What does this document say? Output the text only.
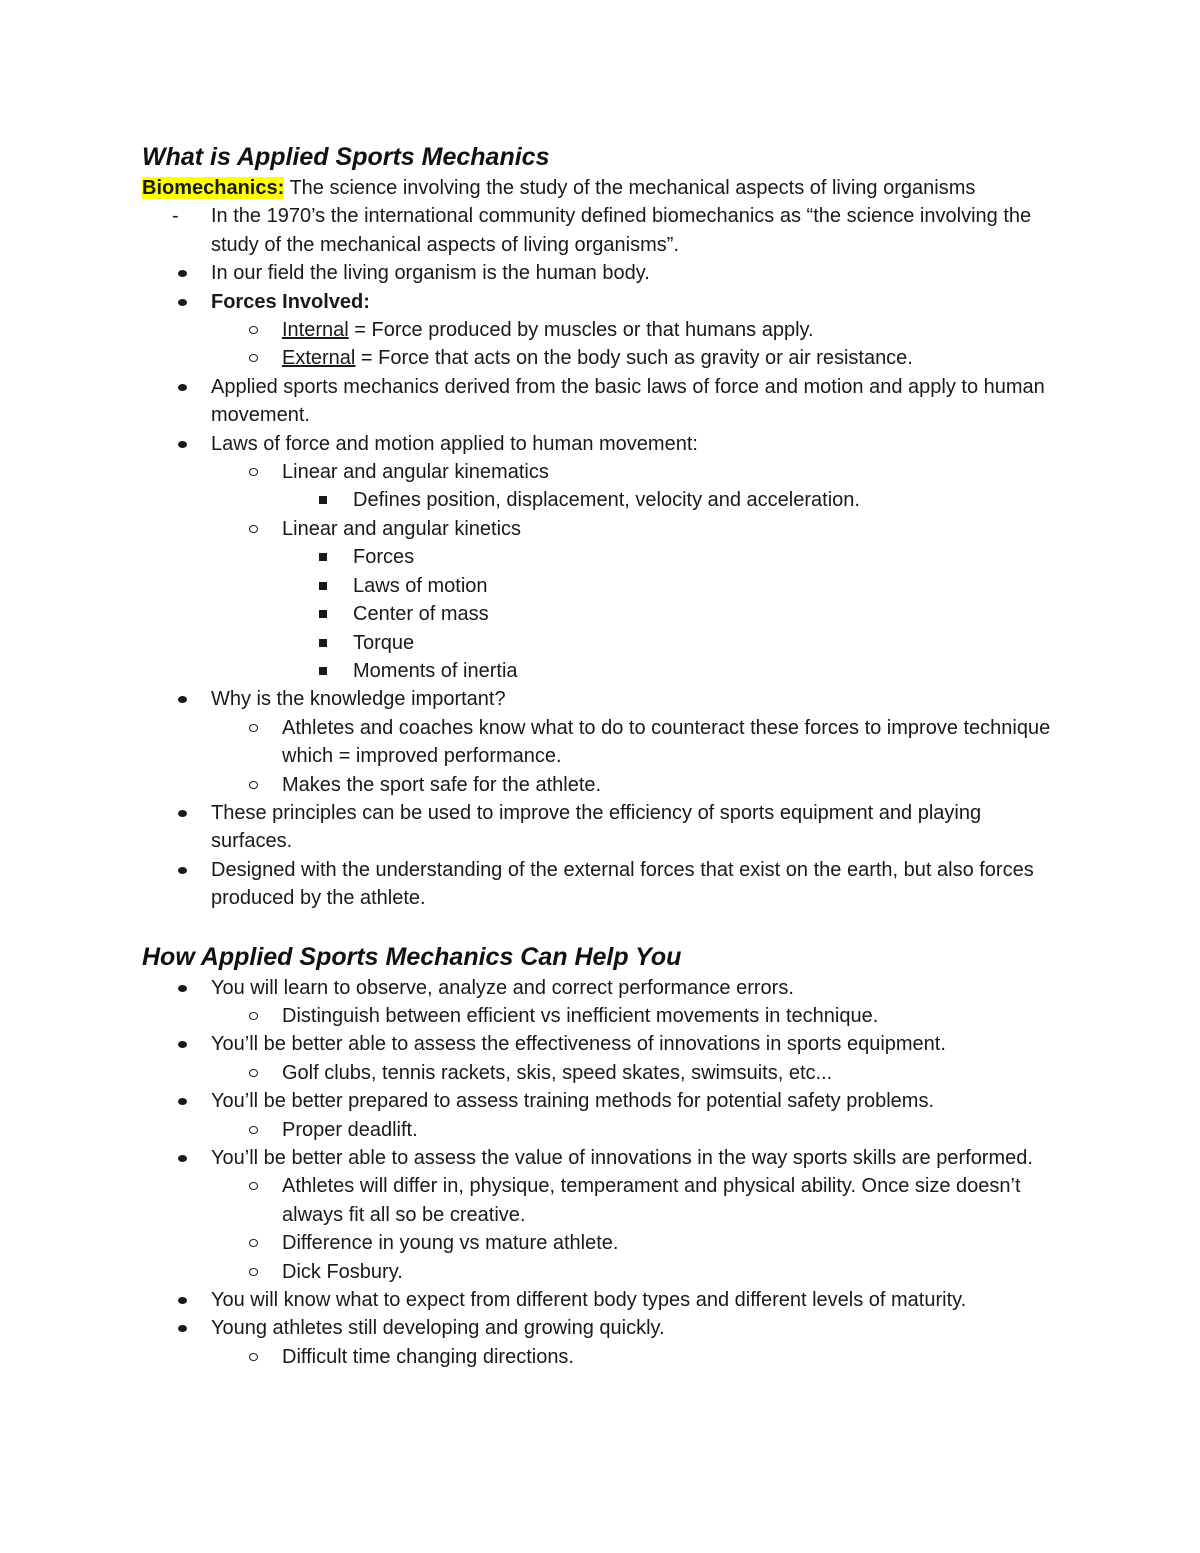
What is Applied Sports Mechanics

Biomechanics: The science involving the study of the mechanical aspects of living organisms

-	In the 1970’s the international community defined biomechanics as “the science involving the study of the mechanical aspects of living organisms”.
In our field the living organism is the human body.
Forces Involved:
Internal = Force produced by muscles or that humans apply.
External = Force that acts on the body such as gravity or air resistance.
Applied sports mechanics derived from the basic laws of force and motion and apply to human movement.
Laws of force and motion applied to human movement:
Linear and angular kinematics
Defines position, displacement, velocity and acceleration.
Linear and angular kinetics
Forces
Laws of motion
Center of mass
Torque
Moments of inertia
Why is the knowledge important?
Athletes and coaches know what to do to counteract these forces to improve technique which = improved performance.
Makes the sport safe for the athlete.
These principles can be used to improve the efficiency of sports equipment and playing surfaces.
Designed with the understanding of the external forces that exist on the earth, but also forces produced by the athlete.
How Applied Sports Mechanics Can Help You
You will learn to observe, analyze and correct performance errors.
Distinguish between efficient vs inefficient movements in technique.
You’ll be better able to assess the effectiveness of innovations in sports equipment.
Golf clubs, tennis rackets, skis, speed skates, swimsuits, etc...
You’ll be better prepared to assess training methods for potential safety problems.
Proper deadlift.
You’ll be better able to assess the value of innovations in the way sports skills are performed.
Athletes will differ in, physique, temperament and physical ability. Once size doesn’t always fit all so be creative.
Difference in young vs mature athlete.
Dick Fosbury.
You will know what to expect from different body types and different levels of maturity.
Young athletes still developing and growing quickly.
Difficult time changing directions.
